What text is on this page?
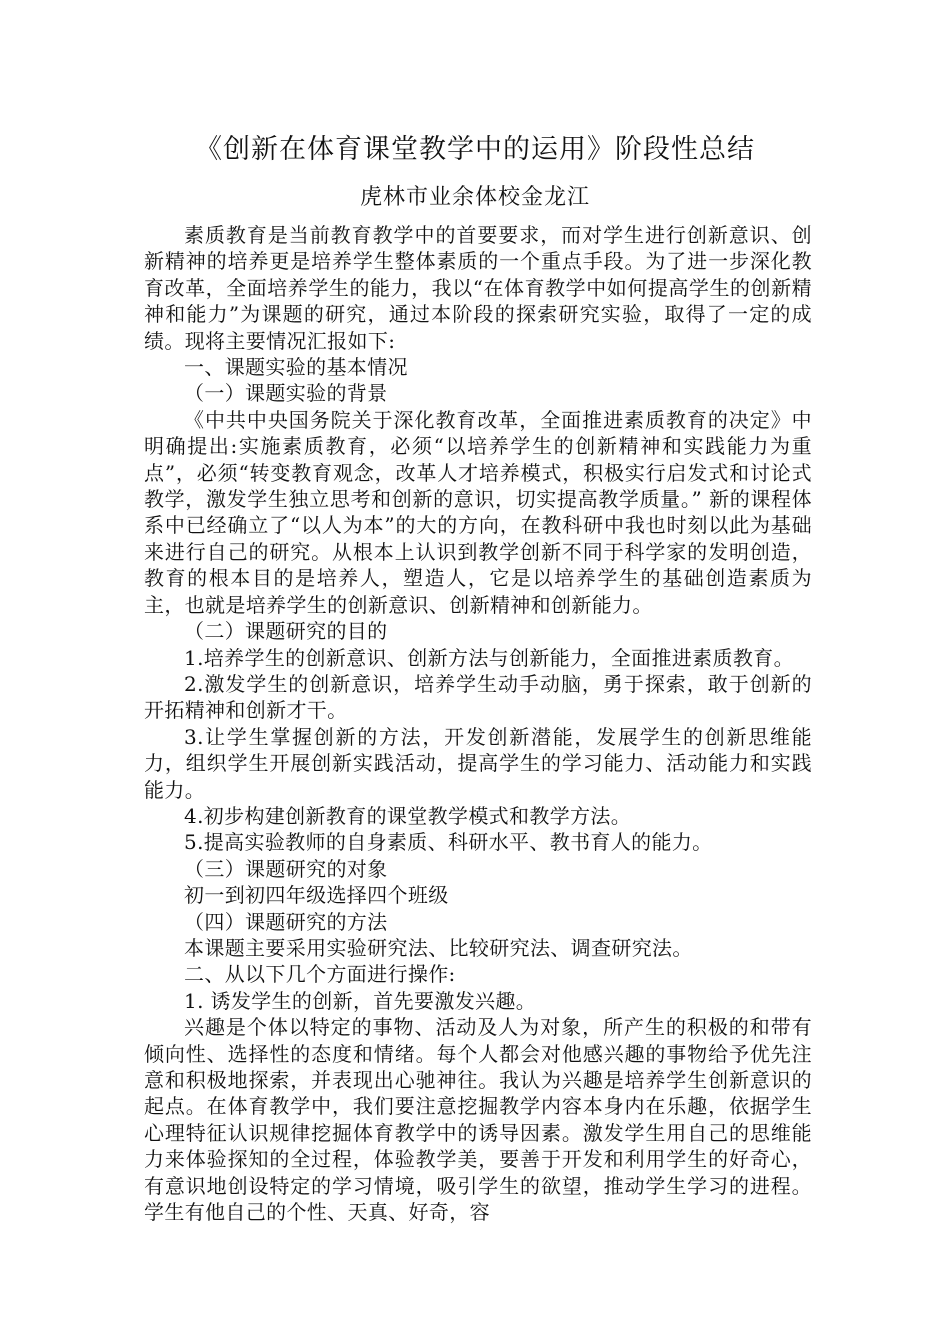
《创新在体育课堂教学中的运用》阶段性总结
虎林市业余体校金龙江

素质教育是当前教育教学中的首要要求，而对学生进行创新意识、创新精神的培养更是培养学生整体素质的一个重点手段。为了进一步深化教育改革，全面培养学生的能力，我以“在体育教学中如何提高学生的创新精神和能力”为课题的研究，通过本阶段的探索研究实验，取得了一定的成绩。现将主要情况汇报如下:

一、课题实验的基本情况

（一）课题实验的背景

《中共中央国务院关于深化教育改革，全面推进素质教育的决定》中明确提出:实施素质教育，必须“以培养学生的创新精神和实践能力为重点”，必须“转变教育观念，改革人才培养模式，积极实行启发式和讨论式教学，激发学生独立思考和创新的意识，切实提高教学质量。” 新的课程体系中已经确立了“以人为本”的大的方向，在教科研中我也时刻以此为基础来进行自己的研究。从根本上认识到教学创新不同于科学家的发明创造，教育的根本目的是培养人，塑造人，它是以培养学生的基础创造素质为主，也就是培养学生的创新意识、创新精神和创新能力。

（二）课题研究的目的

1.培养学生的创新意识、创新方法与创新能力，全面推进素质教育。

2.激发学生的创新意识，培养学生动手动脑，勇于探索，敢于创新的开拓精神和创新才干。

3.让学生掌握创新的方法，开发创新潜能，发展学生的创新思维能力，组织学生开展创新实践活动，提高学生的学习能力、活动能力和实践能力。

4.初步构建创新教育的课堂教学模式和教学方法。

5.提高实验教师的自身素质、科研水平、教书育人的能力。

（三）课题研究的对象

初一到初四年级选择四个班级

（四）课题研究的方法

本课题主要采用实验研究法、比较研究法、调查研究法。

二、从以下几个方面进行操作:

1. 诱发学生的创新，首先要激发兴趣。

兴趣是个体以特定的事物、活动及人为对象，所产生的积极的和带有倾向性、选择性的态度和情绪。每个人都会对他感兴趣的事物给予优先注意和积极地探索，并表现出心驰神往。我认为兴趣是培养学生创新意识的起点。在体育教学中，我们要注意挖掘教学内容本身内在乐趣，依据学生心理特征认识规律挖掘体育教学中的诱导因素。激发学生用自己的思维能力来体验探知的全过程，体验教学美，要善于开发和利用学生的好奇心，有意识地创设特定的学习情境，吸引学生的欲望，推动学生学习的进程。学生有他自己的个性、天真、好奇，容
